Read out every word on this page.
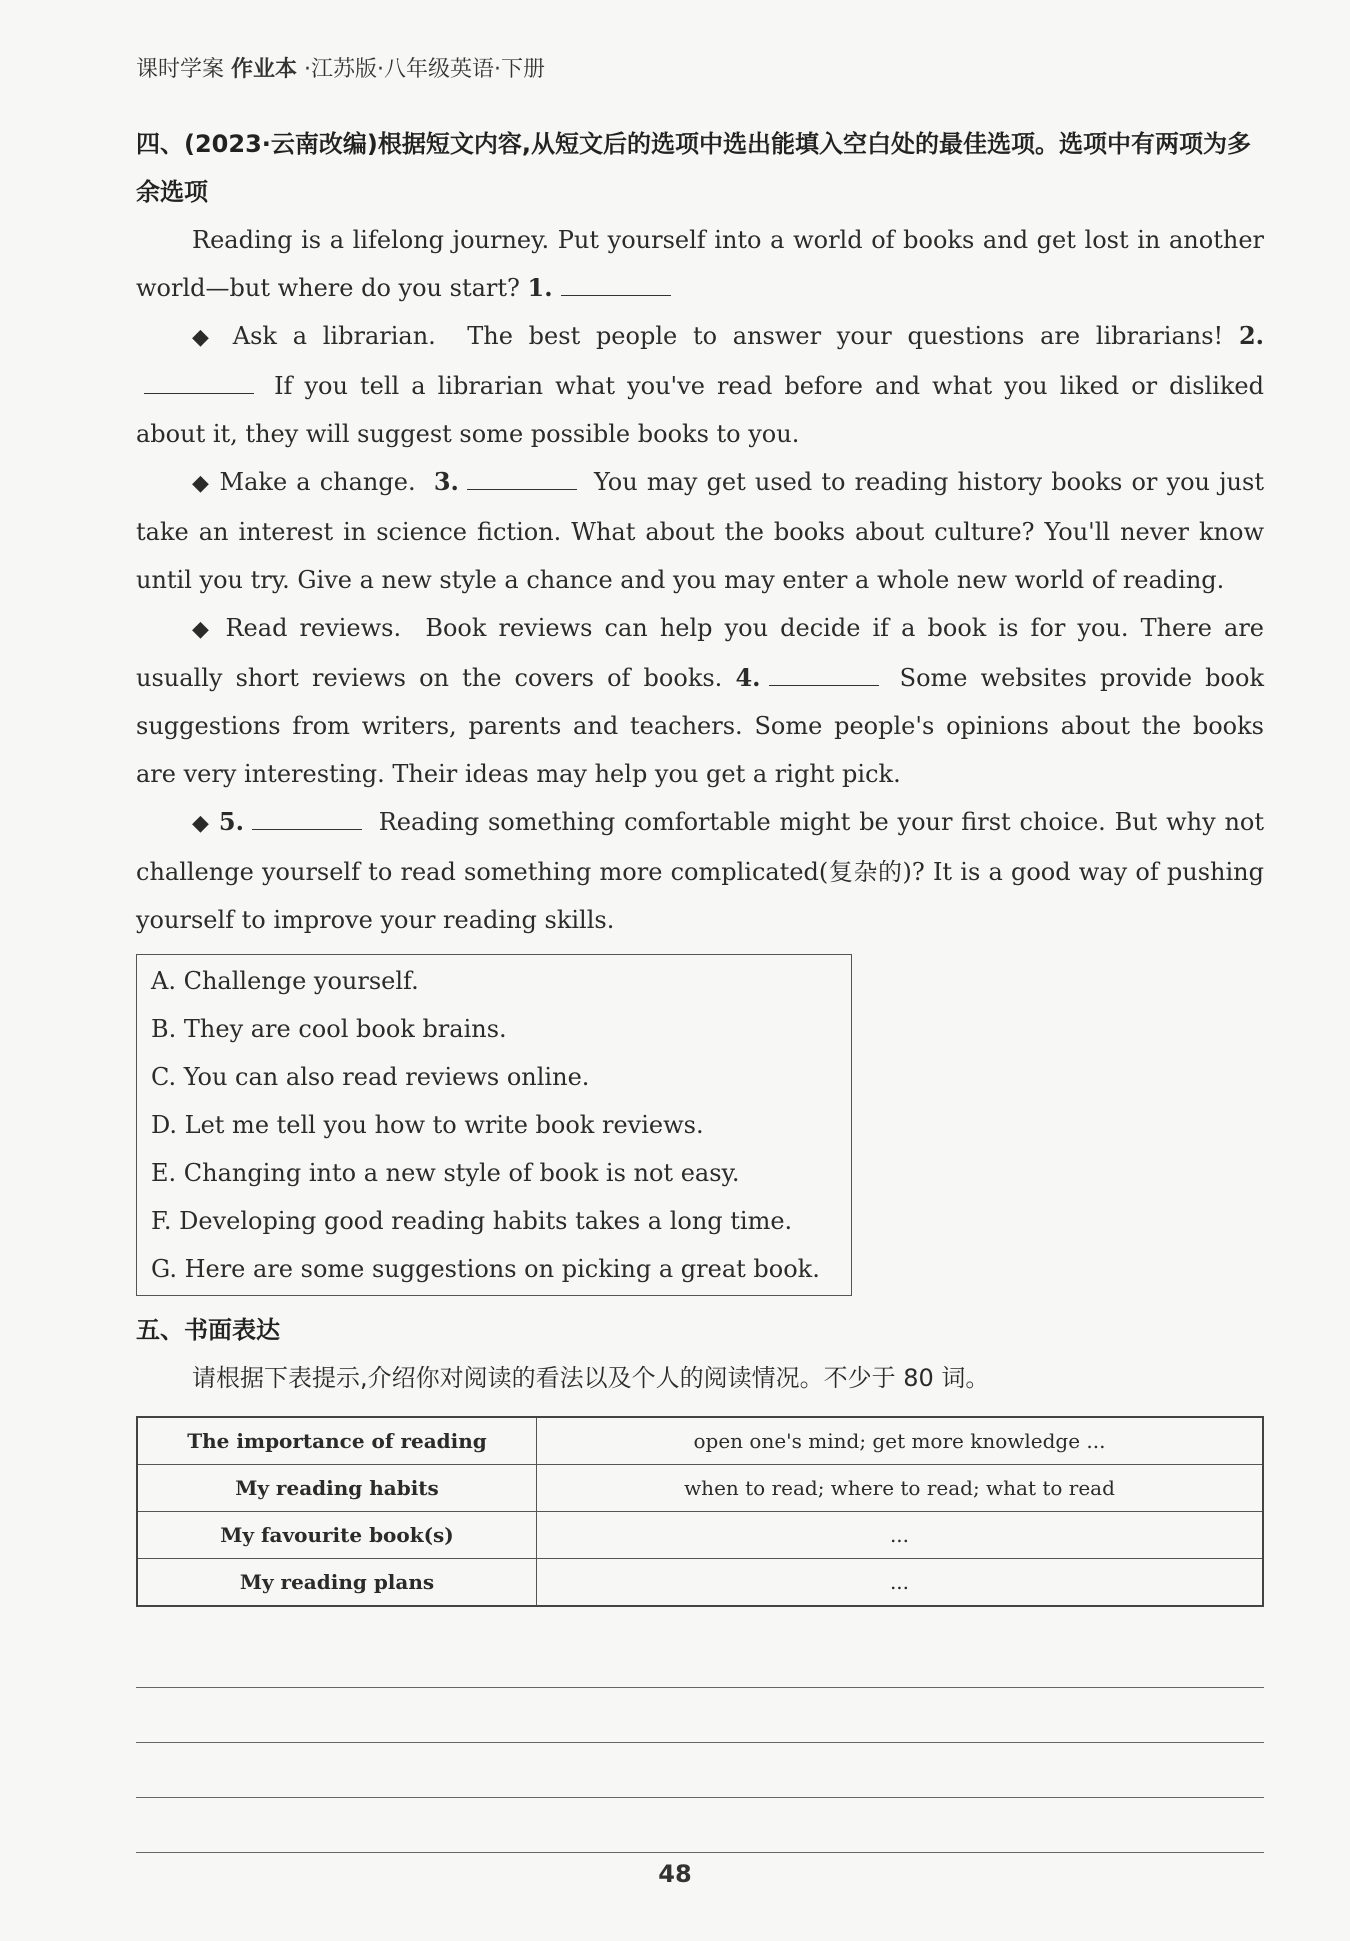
课时学案 作业本 ·江苏版·八年级英语·下册
四、(2023·云南改编)根据短文内容,从短文后的选项中选出能填入空白处的最佳选项。选项中有两项为多余选项

Reading is a lifelong journey. Put yourself into a world of books and get lost in another world—but where do you start? 1.

◆ Ask a librarian. The best people to answer your questions are librarians! 2. If you tell a librarian what you've read before and what you liked or disliked about it, they will suggest some possible books to you.

◆ Make a change. 3.	You may get used to reading history books or you just take an interest in science fiction. What about the books about culture? You'll never know until you try. Give a new style a chance and you may enter a whole new world of reading.

◆ Read reviews. Book reviews can help you decide if a book is for you. There are usually short reviews on the covers of books. 4.	Some websites provide book suggestions from writers, parents and teachers. Some people's opinions about the books are very interesting. Their ideas may help you get a right pick.

◆ 5.	Reading something comfortable might be your first choice. But why not challenge yourself to read something more complicated(复杂的)? It is a good way of pushing yourself to improve your reading skills.

A. Challenge yourself.
B. They are cool book brains.
C. You can also read reviews online.
D. Let me tell you how to write book reviews.
E. Changing into a new style of book is not easy.
F. Developing good reading habits takes a long time.
G. Here are some suggestions on picking a great book.
五、书面表达
请根据下表提示,介绍你对阅读的看法以及个人的阅读情况。不少于 80 词。
The importance of reading	open one's mind; get more knowledge ...
My reading habits	when to read; where to read; what to read
My favourite book(s)	...
My reading plans	...
48
